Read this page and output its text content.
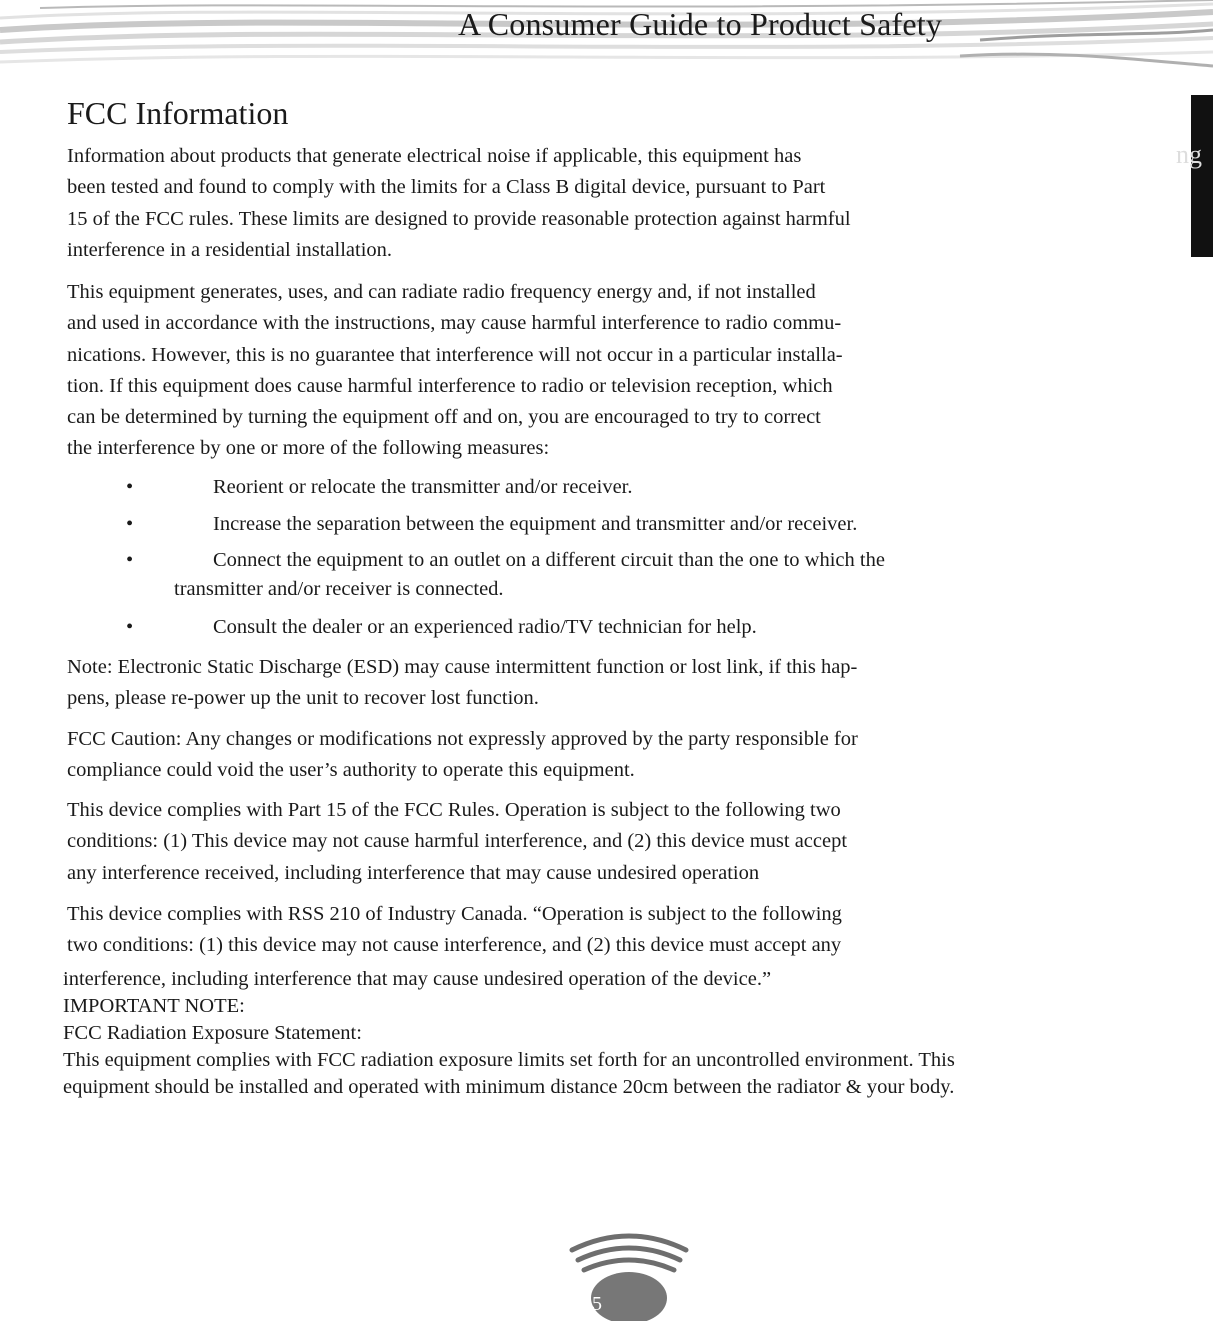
A Consumer Guide to Product Safety
ng
FCC Information
Information about products that generate electrical noise if applicable, this equipment has
been tested and found to comply with the limits for a Class B digital device, pursuant to Part
15 of the FCC rules. These limits are designed to provide reasonable protection against harmful
interference in a residential installation.
This equipment generates, uses, and can radiate radio frequency energy and, if not installed
and used in accordance with the instructions, may cause harmful interference to radio commu-
nications. However, this is no guarantee that interference will not occur in a particular installa-
tion. If this equipment does cause harmful interference to radio or television reception, which
can be determined by turning the equipment off and on, you are encouraged to try to correct
the interference by one or more of the following measures:
•	Reorient or relocate the transmitter and/or receiver.
•	Increase the separation between the equipment and transmitter and/or receiver.
•	Connect the equipment to an outlet on a different circuit than the one to which the
transmitter and/or receiver is connected.
•	Consult the dealer or an experienced radio/TV technician for help.
Note: Electronic Static Discharge (ESD) may cause intermittent function or lost link, if this hap-
pens, please re-power up the unit to recover lost function.
FCC Caution: Any changes or modifications not expressly approved by the party responsible for
compliance could void the user’s authority to operate this equipment.
This device complies with Part 15 of the FCC Rules. Operation is subject to the following two
conditions: (1) This device may not cause harmful interference, and (2) this device must accept
any interference received, including interference that may cause undesired operation
This device complies with RSS 210 of Industry Canada. “Operation is subject to the following
two conditions: (1) this device may not cause interference, and (2) this device must accept any
interference, including interference that may cause undesired operation of the device.”
IMPORTANT NOTE:
FCC Radiation Exposure Statement:
This equipment complies with FCC radiation exposure limits set forth for an uncontrolled environment. This
equipment should be installed and operated with minimum distance 20cm between the radiator & your body.
5
